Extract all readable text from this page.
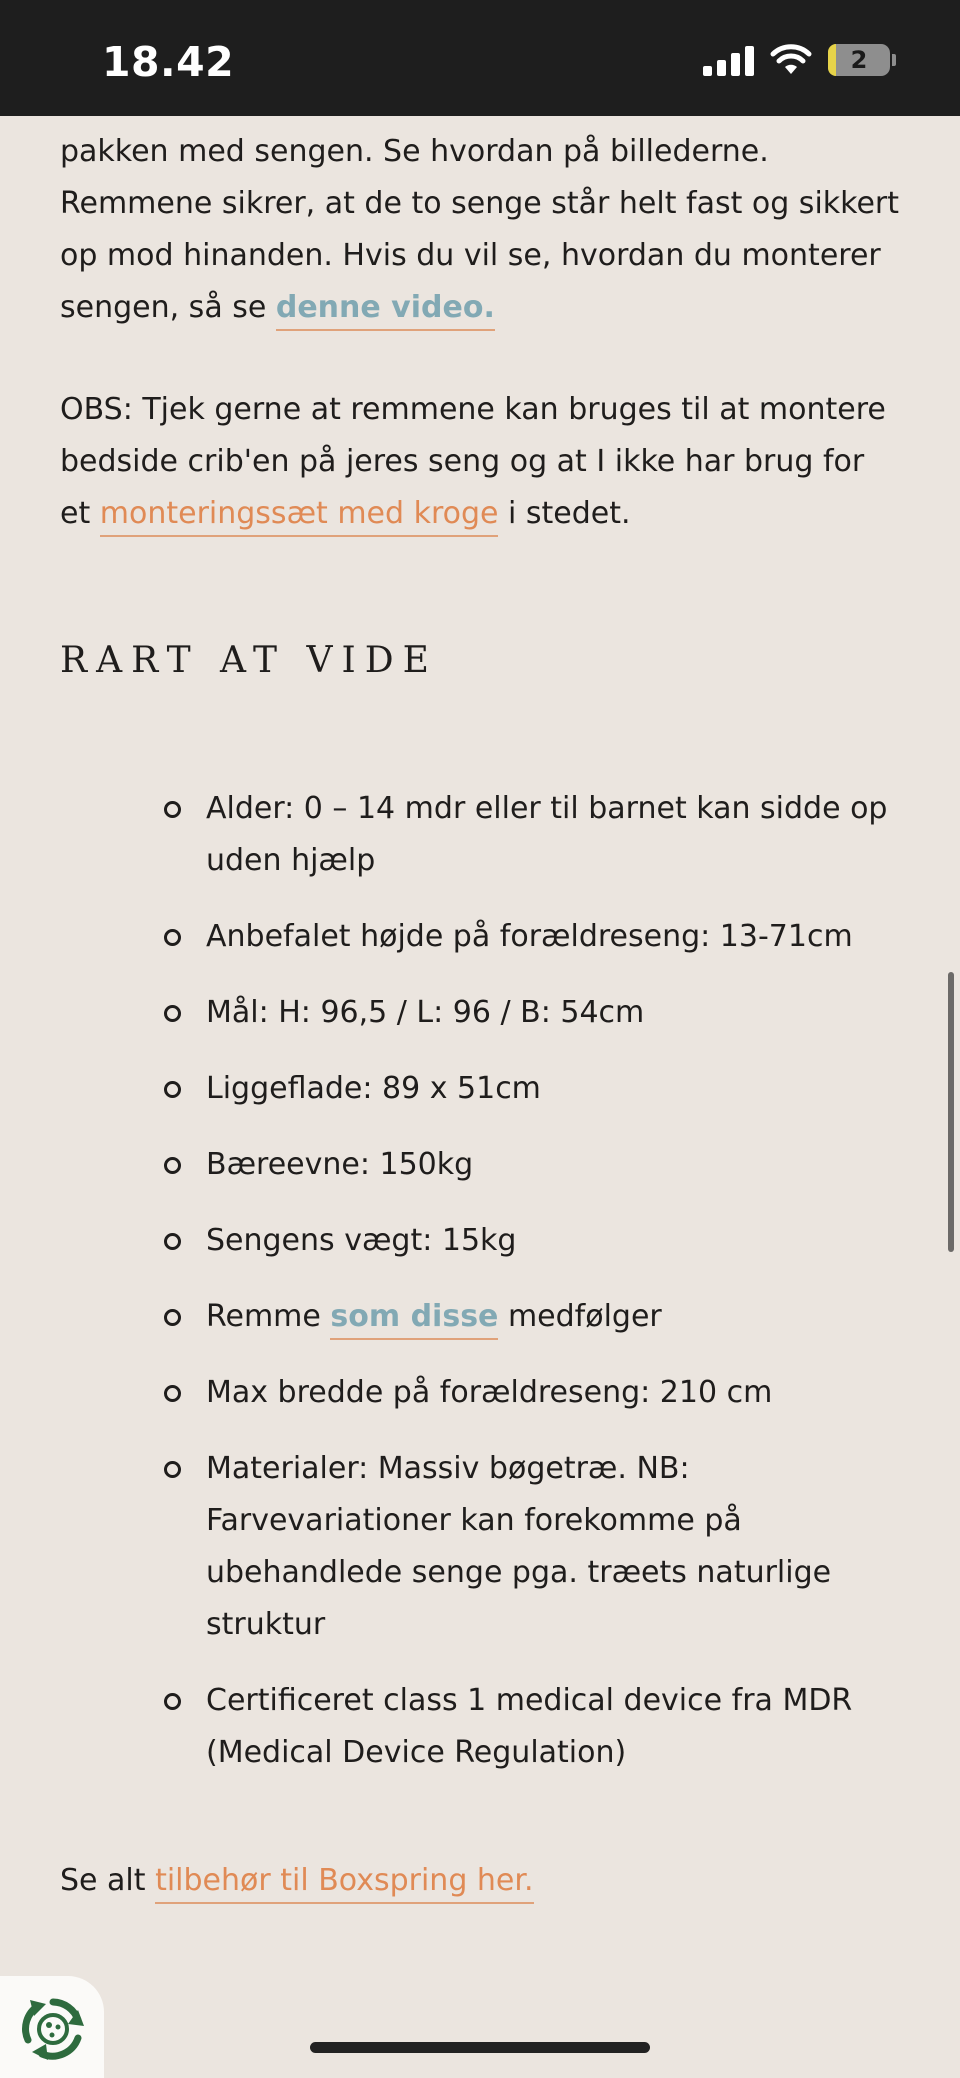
18.42	2

pakken med sengen. Se hvordan på billederne. Remmene sikrer, at de to senge står helt fast og sikkert op mod hinanden. Hvis du vil se, hvordan du monterer sengen, så se denne video.

OBS: Tjek gerne at remmene kan bruges til at montere bedside crib'en på jeres seng og at I ikke har brug for et monteringssæt med kroge i stedet.

RART AT VIDE
Alder: 0 – 14 mdr eller til barnet kan sidde op uden hjælp
Anbefalet højde på forældreseng: 13-71cm
Mål: H: 96,5 / L: 96 / B: 54cm
Liggeflade: 89 x 51cm
Bæreevne: 150kg
Sengens vægt: 15kg
Remme som disse medfølger
Max bredde på forældreseng: 210 cm
Materialer: Massiv bøgetræ. NB: Farvevariationer kan forekomme på ubehandlede senge pga. træets naturlige struktur
Certificeret class 1 medical device fra MDR (Medical Device Regulation)

Se alt tilbehør til Boxspring her.
